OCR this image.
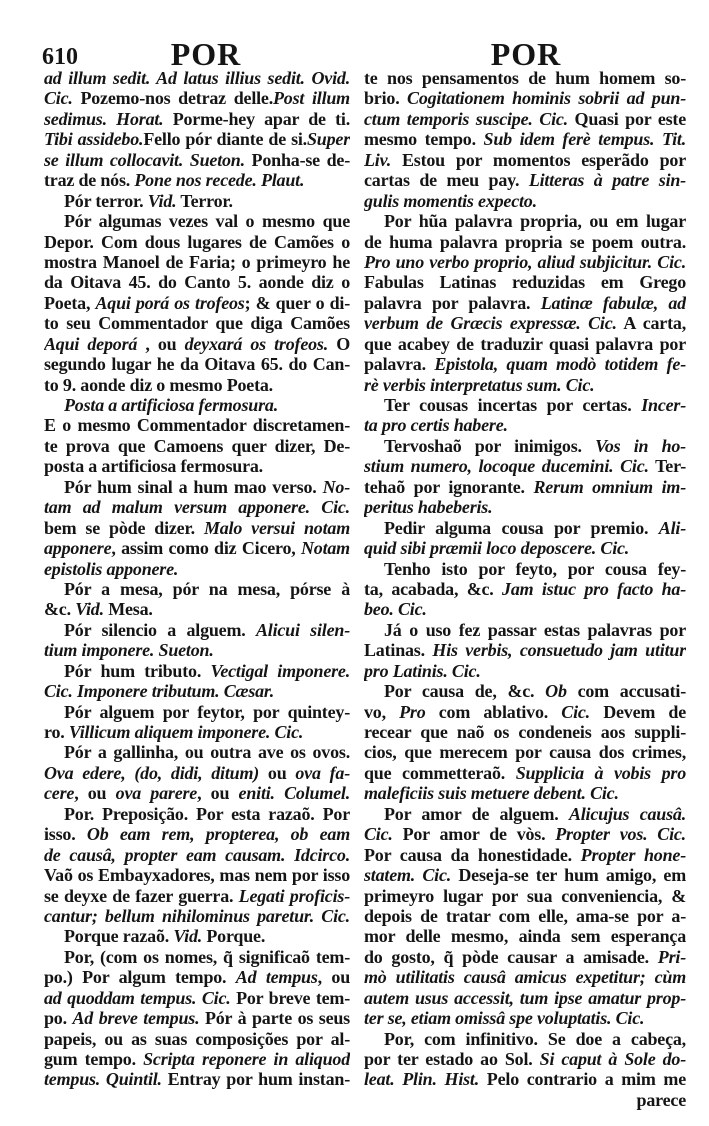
610	POR	POR
ad illum sedit. Ad latus illius sedit. Ovid.
Cic. Pozemo-nos detraz delle.Post illum
sedimus. Horat. Porme-hey apar de ti.
Tibi assidebo.Fello pór diante de si.Super
se illum collocavit. Sueton. Ponha-se de-
traz de nós. Pone nos recede. Plaut.
Pór terror. Vid. Terror.
Pór algumas vezes val o mesmo que
Depor. Com dous lugares de Camões o
mostra Manoel de Faria; o primeyro he
da Oitava 45. do Canto 5. aonde diz o
Poeta, Aqui porá os trofeos; & quer o di-
to seu Commentador que diga Camões
Aqui deporá , ou deyxará os trofeos. O
segundo lugar he da Oitava 65. do Can-
to 9. aonde diz o mesmo Poeta.
Posta a artificiosa fermosura.
E o mesmo Commentador discretamen-
te prova que Camoens quer dizer, De-
posta a artificiosa fermosura.
Pór hum sinal a hum mao verso. No-
tam ad malum versum apponere. Cic.
bem se pòde dizer. Malo versui notam
apponere, assim como diz Cicero, Notam
epistolis apponere.
Pór a mesa, pór na mesa, pórse à
&c. Vid. Mesa.
Pór silencio a alguem. Alicui silen-
tium imponere. Sueton.
Pór hum tributo. Vectigal imponere.
Cic. Imponere tributum. Cæsar.
Pór alguem por feytor, por quintey-
ro. Villicum aliquem imponere. Cic.
Pór a gallinha, ou outra ave os ovos.
Ova edere, (do, didi, ditum) ou ova fa-
cere, ou ova parere, ou eniti. Columel.
Por. Preposição. Por esta razaõ. Por
isso. Ob eam rem, propterea, ob eam
de causâ, propter eam causam. Idcirco.
Vaõ os Embayxadores, mas nem por isso
se deyxe de fazer guerra. Legati proficis-
cantur; bellum nihilominus paretur. Cic.
Porque razaõ. Vid. Porque.
Por, (com os nomes, q̃ significaõ tem-
po.) Por algum tempo. Ad tempus, ou
ad quoddam tempus. Cic. Por breve tem-
po. Ad breve tempus. Pór à parte os seus
papeis, ou as suas composições por al-
gum tempo. Scripta reponere in aliquod
tempus. Quintil. Entray por hum instan-
te nos pensamentos de hum homem so-
brio. Cogitationem hominis sobrii ad pun-
ctum temporis suscipe. Cic. Quasi por este
mesmo tempo. Sub idem ferè tempus. Tit.
Liv. Estou por momentos esperãdo por
cartas de meu pay. Litteras à patre sin-
gulis momentis expecto.
Por hũa palavra propria, ou em lugar
de huma palavra propria se poem outra.
Pro uno verbo proprio, aliud subjicitur. Cic.
Fabulas Latinas reduzidas em Grego
palavra por palavra. Latinæ fabulæ, ad
verbum de Græcis expressæ. Cic. A carta,
que acabey de traduzir quasi palavra por
palavra. Epistola, quam modò totidem fe-
rè verbis interpretatus sum. Cic.
Ter cousas incertas por certas. Incer-
ta pro certis habere.
Tervoshaõ por inimigos. Vos in ho-
stium numero, locoque ducemini. Cic. Ter-
tehaõ por ignorante. Rerum omnium im-
peritus habeberis.
Pedir alguma cousa por premio. Ali-
quid sibi præmii loco deposcere. Cic.
Tenho isto por feyto, por cousa fey-
ta, acabada, &c. Jam istuc pro facto ha-
beo. Cic.
Já o uso fez passar estas palavras por
Latinas. His verbis, consuetudo jam utitur
pro Latinis. Cic.
Por causa de, &c. Ob com accusati-
vo, Pro com ablativo. Cic. Devem de
recear que naõ os condeneis aos suppli-
cios, que merecem por causa dos crimes,
que commetteraõ. Supplicia à vobis pro
maleficiis suis metuere debent. Cic.
Por amor de alguem. Alicujus causâ.
Cic. Por amor de vòs. Propter vos. Cic.
Por causa da honestidade. Propter hone-
statem. Cic. Deseja-se ter hum amigo, em
primeyro lugar por sua conveniencia, &
depois de tratar com elle, ama-se por a-
mor delle mesmo, ainda sem esperança
do gosto, q̃ pòde causar a amisade. Pri-
mò utilitatis causâ amicus expetitur; cùm
autem usus accessit, tum ipse amatur prop-
ter se, etiam omissâ spe voluptatis. Cic.
Por, com infinitivo. Se doe a cabeça,
por ter estado ao Sol. Si caput à Sole do-
leat. Plin. Hist. Pelo contrario a mim me
parece
